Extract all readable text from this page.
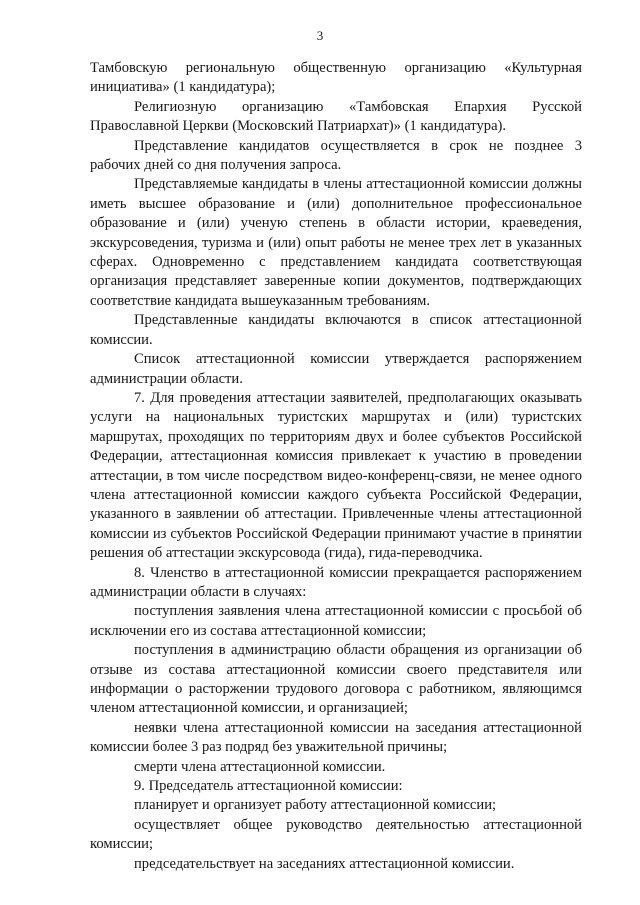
3

Тамбовскую региональную общественную организацию «Культурная инициатива» (1 кандидатура);

Религиозную организацию «Тамбовская Епархия Русской Православной Церкви (Московский Патриархат)» (1 кандидатура).

Представление кандидатов осуществляется в срок не позднее 3 рабочих дней со дня получения запроса.

Представляемые кандидаты в члены аттестационной комиссии должны иметь высшее образование и (или) дополнительное профессиональное образование и (или) ученую степень в области истории, краеведения, экскурсоведения, туризма и (или) опыт работы не менее трех лет в указанных сферах. Одновременно с представлением кандидата соответствующая организация представляет заверенные копии документов, подтверждающих соответствие кандидата вышеуказанным требованиям.

Представленные кандидаты включаются в список аттестационной комиссии.

Список аттестационной комиссии утверждается распоряжением администрации области.

7. Для проведения аттестации заявителей, предполагающих оказывать услуги на национальных туристских маршрутах и (или) туристских маршрутах, проходящих по территориям двух и более субъектов Российской Федерации, аттестационная комиссия привлекает к участию в проведении аттестации, в том числе посредством видео-конференц-связи, не менее одного члена аттестационной комиссии каждого субъекта Российской Федерации, указанного в заявлении об аттестации. Привлеченные члены аттестационной комиссии из субъектов Российской Федерации принимают участие в принятии решения об аттестации экскурсовода (гида), гида-переводчика.

8. Членство в аттестационной комиссии прекращается распоряжением администрации области в случаях:

поступления заявления члена аттестационной комиссии с просьбой об исключении его из состава аттестационной комиссии;

поступления в администрацию области обращения из организации об отзыве из состава аттестационной комиссии своего представителя или информации о расторжении трудового договора с работником, являющимся членом аттестационной комиссии, и организацией;

неявки члена аттестационной комиссии на заседания аттестационной комиссии более 3 раз подряд без уважительной причины;

смерти члена аттестационной комиссии.

9. Председатель аттестационной комиссии:

планирует и организует работу аттестационной комиссии;

осуществляет общее руководство деятельностью аттестационной комиссии;

председательствует на заседаниях аттестационной комиссии.
